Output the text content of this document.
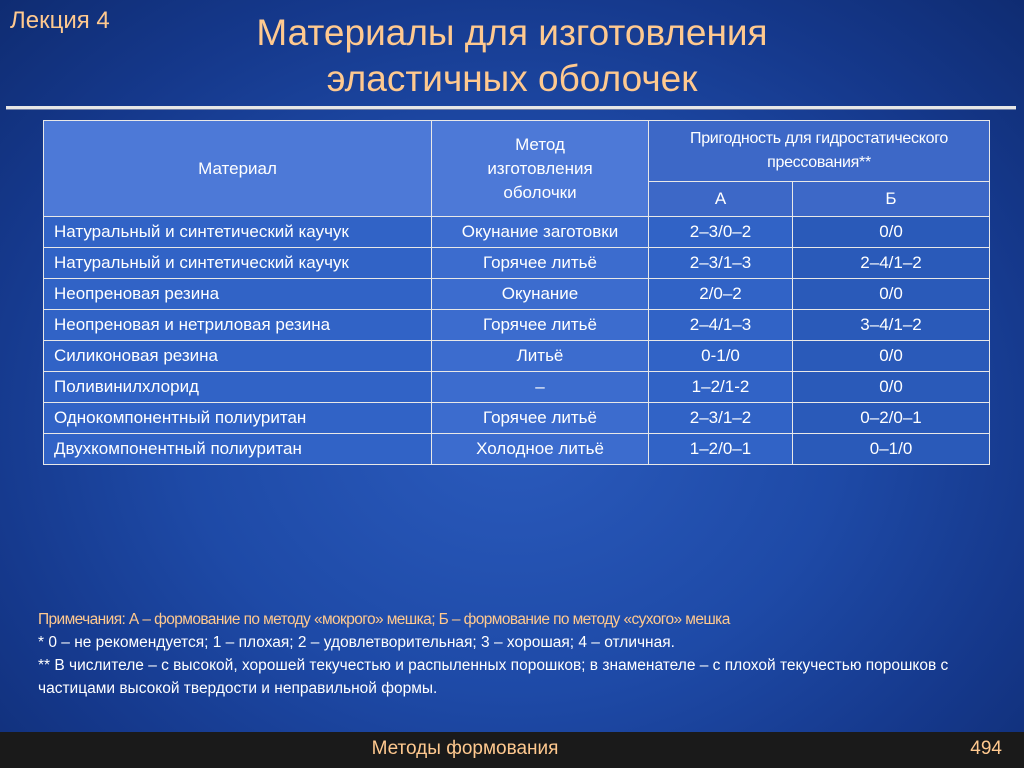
Лекция 4	Материалы для изготовления
эластичных оболочек
Материал	Метод изготовления оболочки	Пригодность для гидростатического прессования**	
		А	Б
Натуральный и синтетический каучук	Окунание заготовки	2–3/0–2	0/0
Натуральный и синтетический каучук	Горячее литьё	2–3/1–3	2–4/1–2
Неопреновая резина	Окунание	2/0–2	0/0
Неопреновая и нетриловая резина	Горячее литьё	2–4/1–3	3–4/1–2
Силиконовая резина	Литьё	0-1/0	0/0
Поливинилхлорид	–	1–2/1-2	0/0
Однокомпонентный полиуритан	Горячее литьё	2–3/1–2	0–2/0–1
Двухкомпонентный полиуритан	Холодное литьё	1–2/0–1	0–1/0
Примечания: А – формование по методу «мокрого» мешка; Б – формование по методу «сухого» мешка
* 0 – не рекомендуется; 1 – плохая; 2 – удовлетворительная; 3 – хорошая; 4 – отличная.
** В числителе – с высокой, хорошей текучестью и распыленных порошков; в знаменателе – с плохой текучестью порошков с частицами высокой твердости и неправильной формы.
Методы формования	494
